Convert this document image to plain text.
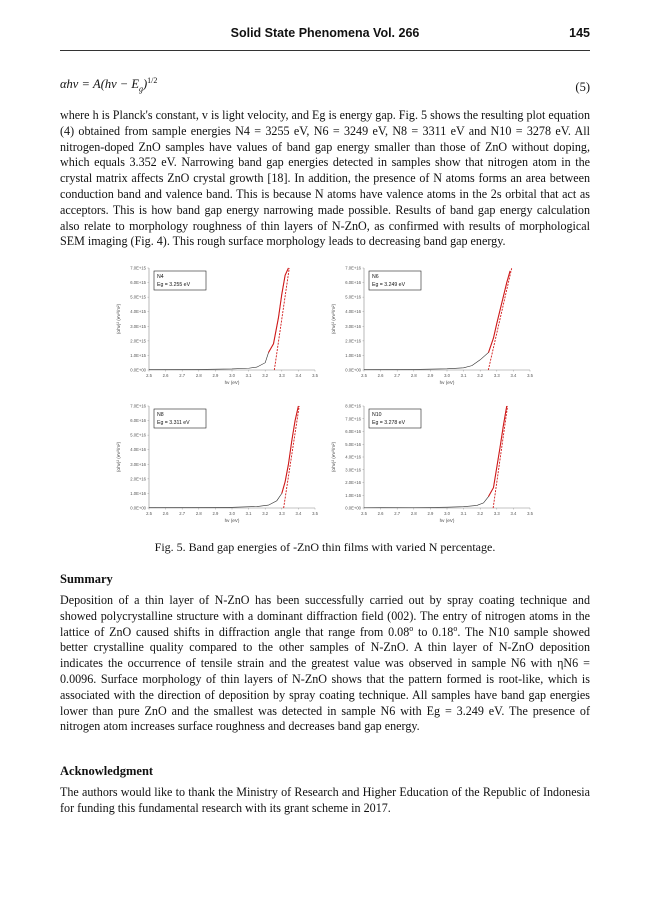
Solid State Phenomena Vol. 266	145
$\alpha h\nu = A(h\nu - E_g)^{1/2}$	(5)

where h is Planck's constant, v is light velocity, and Eg is energy gap. Fig. 5 shows the resulting plot equation (4) obtained from sample energies N4 = 3255 eV, N6 = 3249 eV, N8 = 3311 eV and N10 = 3278 eV. All nitrogen-doped ZnO samples have values of band gap energy smaller than those of ZnO without doping, which equals 3.352 eV. Narrowing band gap energies detected in samples show that nitrogen atom in the crystal matrix affects ZnO crystal growth [18]. In addition, the presence of N atoms forms an area between conduction band and valence band. This is because N atoms have valence atoms in the 2s orbital that act as acceptors. This is how band gap energy narrowing made possible. Results of band gap energy calculation also relate to morphology roughness of thin layers of N-ZnO, as confirmed with results of morphological SEM imaging (Fig. 4). This rough surface morphology leads to decreasing band gap energy.

2.5	2.6	2.7	2.8	2.9	3.0	3.1	3.2	3.3	3.4	3.5
0.0E+00
1.0E+15
2.0E+15
3.0E+15
4.0E+15
5.0E+15
6.0E+15
7.0E+15
hv (eV)
(αhv)² (eV²/m²)
N4
Eg = 3.255 eV
2.5	2.6	2.7	2.8	2.9	3.0	3.1	3.2	3.3	3.4	3.5
0.0E+00
1.0E+16
2.0E+16
3.0E+16
4.0E+16
5.0E+16
6.0E+16
7.0E+16
hv (eV)
(αhv)² (eV²/m²)
N6
Eg = 3.249 eV
2.5	2.6	2.7	2.8	2.9	3.0	3.1	3.2	3.3	3.4	3.5
0.0E+00
1.0E+16
2.0E+16
3.0E+16
4.0E+16
5.0E+16
6.0E+16
7.0E+16
hv (eV)
(αhv)² (eV²/m²)
N8
Eg = 3.311 eV
2.5	2.6	2.7	2.8	2.9	3.0	3.1	3.2	3.3	3.4	3.5
0.0E+00
1.0E+16
2.0E+16
3.0E+16
4.0E+16
5.0E+16
6.0E+16
7.0E+16
8.0E+16
hv (eV)
(αhv)² (eV²/m²)
N10
Eg = 3.278 eV
Fig. 5. Band gap energies of -ZnO thin films with varied N percentage.
Summary

Deposition of a thin layer of N-ZnO has been successfully carried out by spray coating technique and showed polycrystalline structure with a dominant diffraction field (002). The entry of nitrogen atoms in the lattice of ZnO caused shifts in diffraction angle that range from 0.08$^o$ to 0.18$^o$. The N10 sample showed better crystalline quality compared to the other samples of N-ZnO. A thin layer of N-ZnO deposition indicates the occurrence of tensile strain and the greatest value was observed in sample N6 with ηN6 = 0.0096. Surface morphology of thin layers of N-ZnO shows that the pattern formed is root-like, which is associated with the direction of deposition by spray coating technique. All samples have band gap energies lower than pure ZnO and the smallest was detected in sample N6 with Eg = 3.249 eV. The presence of nitrogen atom increases surface roughness and decreases band gap energy.

Acknowledgment

The authors would like to thank the Ministry of Research and Higher Education of the Republic of Indonesia for funding this fundamental research with its grant scheme in 2017.
